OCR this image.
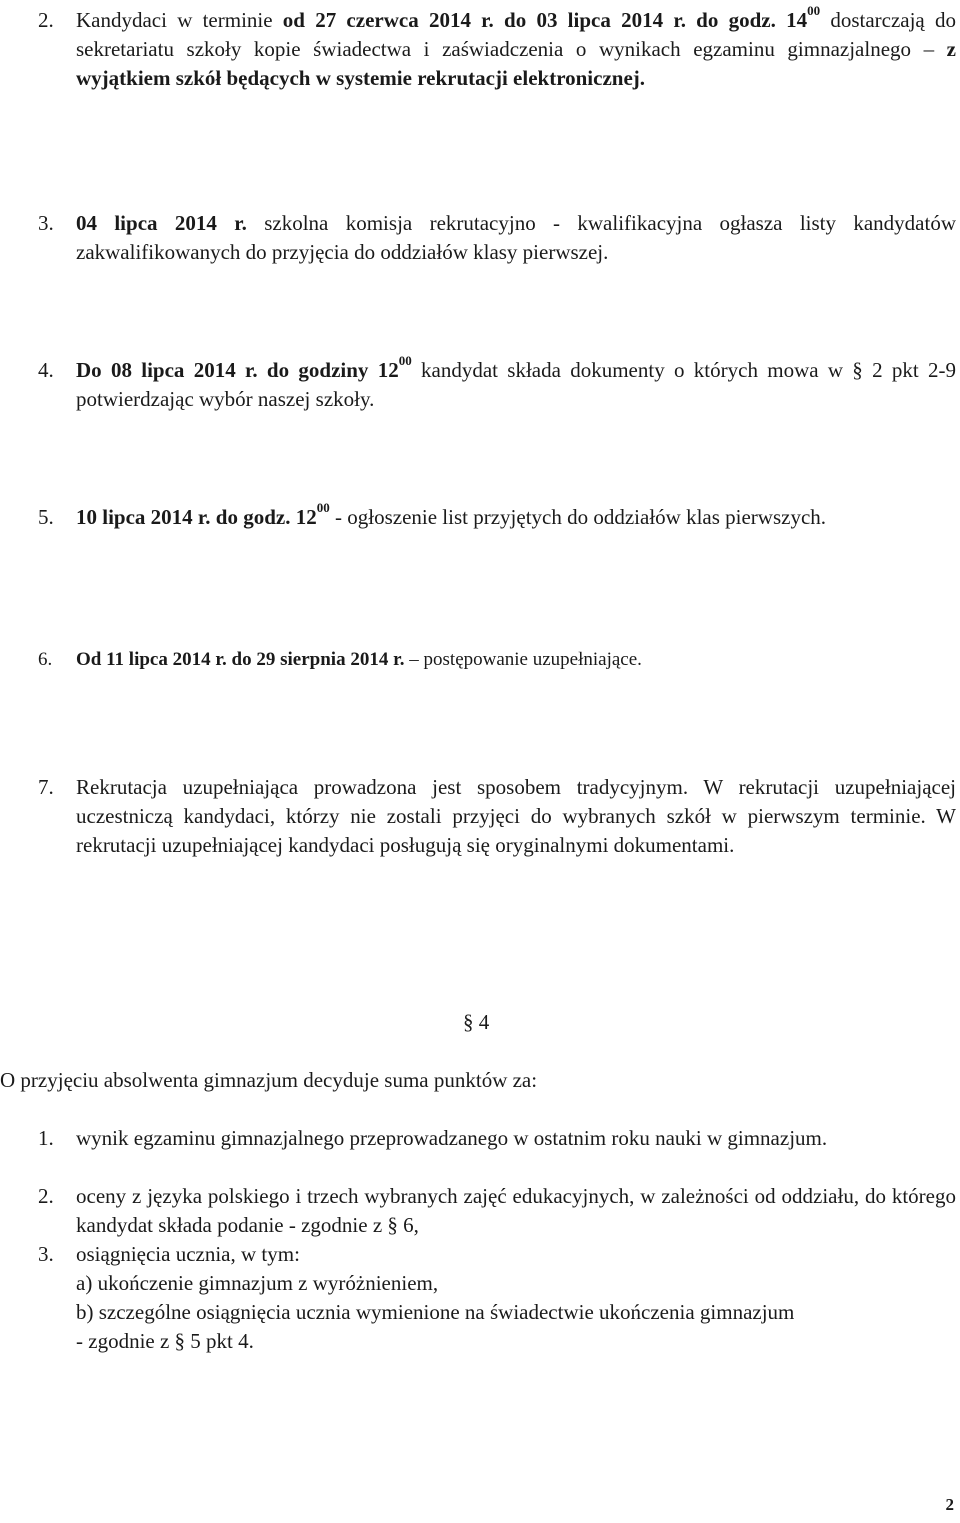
2.	Kandydaci w terminie od 27 czerwca 2014 r. do 03 lipca 2014 r. do godz. $14^{00}$ dostarczają do sekretariatu szkoły kopie świadectwa i zaświadczenia o wynikach egzaminu gimnazjalnego – z wyjątkiem szkół będących w systemie rekrutacji elektronicznej.
3.	04 lipca 2014 r. szkolna komisja rekrutacyjno - kwalifikacyjna ogłasza listy kandydatów zakwalifikowanych do przyjęcia do oddziałów klasy pierwszej.
4.	Do 08 lipca 2014 r. do godziny $12^{00}$ kandydat składa dokumenty o których mowa w § 2 pkt 2-9 potwierdzając wybór naszej szkoły.
5.	10 lipca 2014 r. do godz. $12^{00}$ - ogłoszenie list przyjętych do oddziałów klas pierwszych.
6.	Od 11 lipca 2014 r. do 29 sierpnia 2014 r. – postępowanie uzupełniające.
7.	Rekrutacja uzupełniająca prowadzona jest sposobem tradycyjnym. W rekrutacji uzupełniającej uczestniczą kandydaci, którzy nie zostali przyjęci do wybranych szkół w pierwszym terminie. W rekrutacji uzupełniającej kandydaci posługują się oryginalnymi dokumentami.
§ 4
O przyjęciu absolwenta gimnazjum decyduje suma punktów za:
1.	wynik egzaminu gimnazjalnego przeprowadzanego w ostatnim roku nauki w gimnazjum.
2.	oceny z języka polskiego i trzech wybranych zajęć edukacyjnych, w zależności od oddziału, do którego kandydat składa podanie - zgodnie z § 6,
3.	osiągnięcia ucznia, w tym:
a) ukończenie gimnazjum z wyróżnieniem,
b) szczególne osiągnięcia ucznia wymienione na świadectwie ukończenia gimnazjum
- zgodnie z § 5 pkt 4.
2
